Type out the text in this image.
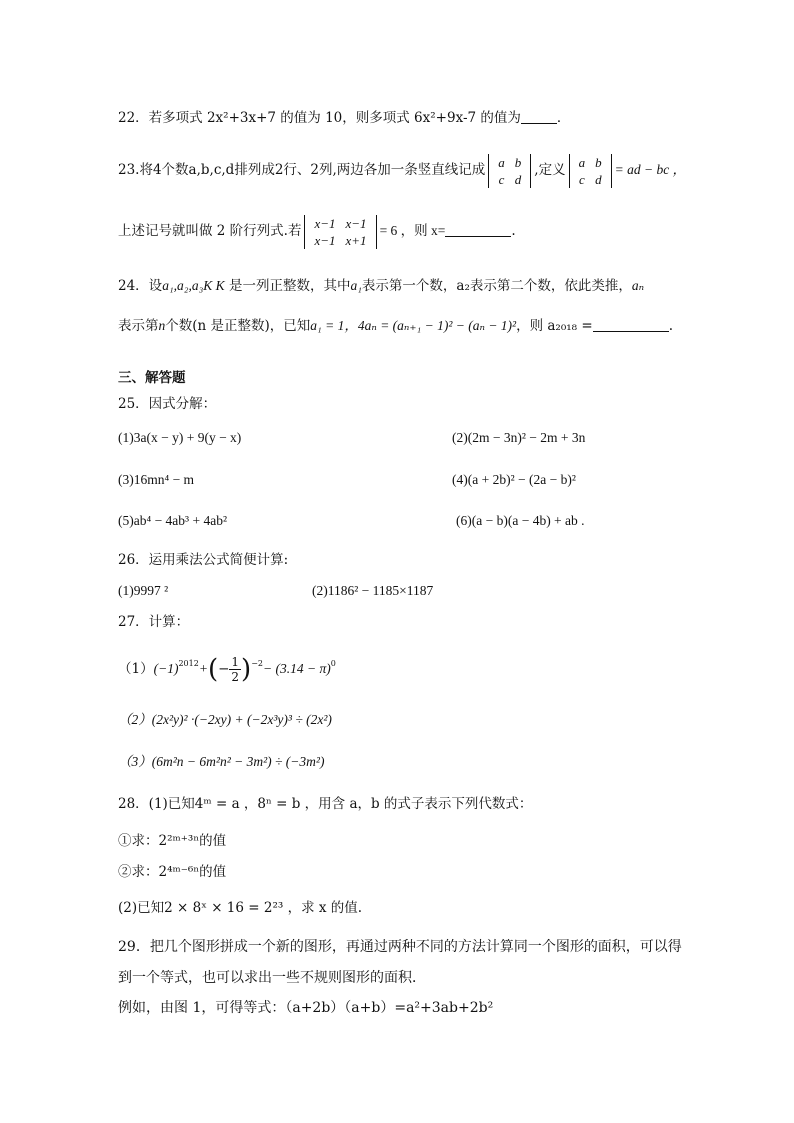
22．若多项式 2x²+3x+7 的值为 10，则多项式 6x²+9x-7 的值为	．
23.将4个数a,b,c,d排列成2行、2列,两边各加一条竖直线记成 a	b
c	d
,定义 a	b
c	d
= ad − bc ，
上述记号就叫做 2 阶行列式.若 x−1	x−1
x−1	x+1
= 6 ，则 x=	.
24．设a₁,a₂,a₃K K 是一列正整数，其中a₁表示第一个数，a₂表示第二个数，依此类推，aₙ
表示第n个数(n 是正整数)，已知a₁ = 1，4aₙ = (aₙ₊₁ − 1)² − (aₙ − 1)²，则 a₂₀₁₈ =	.
三、解答题
25．因式分解：
(1)3a(x − y) + 9(y − x)	(2)(2m − 3n)² − 2m + 3n
(3)16mn⁴ − m	(4)(a + 2b)² − (2a − b)²
(5)ab⁴ − 4ab³ + 4ab²	(6)(a − b)(a − 4b) + ab .
26．运用乘法公式简便计算:
(1)9997 ²	(2)1186² − 1185×1187
27．计算：
$(1)(-1)^{2012}+(- \frac{1}{2} )^{-2}- (3.14 - \pi)^0$
（2）(2x²y)² ·(−2xy) + (−2x³y)³ ÷ (2x²)
（3）(6m²n − 6m²n² − 3m²) ÷ (−3m²)
28．(1)已知4ᵐ = a ，8ⁿ = b ，用含 a，b 的式子表示下列代数式：
①求：2²ᵐ⁺³ⁿ的值
②求：2⁴ᵐ⁻⁶ⁿ的值
(2)已知2 × 8ˣ × 16 = 2²³ ，求 x 的值.
29．把几个图形拼成一个新的图形，再通过两种不同的方法计算同一个图形的面积，可以得
到一个等式，也可以求出一些不规则图形的面积．
例如，由图 1，可得等式：（a+2b）（a+b）=a²+3ab+2b²
